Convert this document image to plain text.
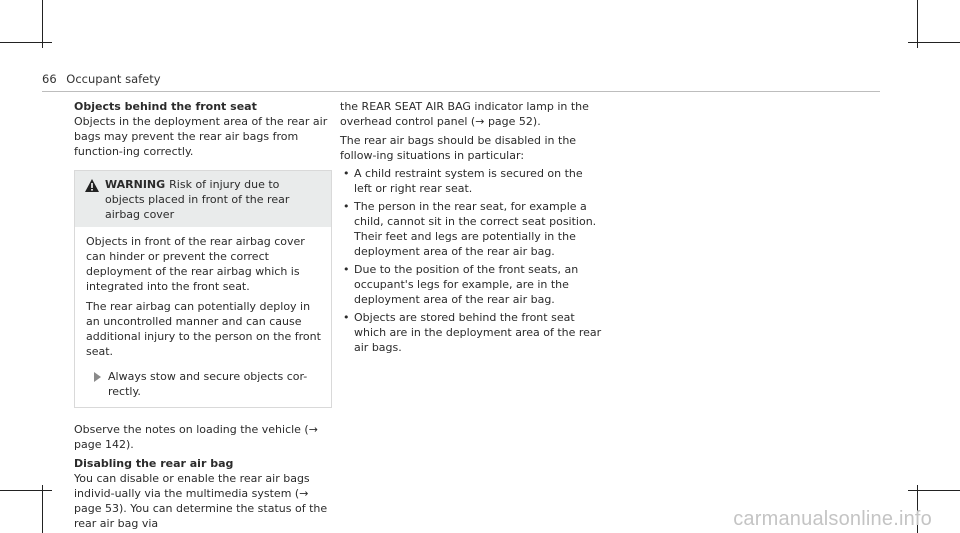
66 Occupant safety

Objects behind the front seat

Objects in the deployment area of the rear air bags may prevent the rear air bags from function-ing correctly.

WARNING Risk of injury due to objects placed in front of the rear airbag cover

Objects in front of the rear airbag cover can hinder or prevent the correct deployment of the rear airbag which is integrated into the front seat.

The rear airbag can potentially deploy in an uncontrolled manner and can cause additional injury to the person on the front seat.

Always stow and secure objects cor-rectly.

Observe the notes on loading the vehicle (→ page 142).

Disabling the rear air bag

You can disable or enable the rear air bags individ-ually via the multimedia system (→ page 53). You can determine the status of the rear air bag via

the REAR SEAT AIR BAG indicator lamp in the overhead control panel (→ page 52).

The rear air bags should be disabled in the follow-ing situations in particular:

• A child restraint system is secured on the left or right rear seat.
• The person in the rear seat, for example a child, cannot sit in the correct seat position. Their feet and legs are potentially in the deployment area of the rear air bag.
• Due to the position of the front seats, an occupant's legs for example, are in the deployment area of the rear air bag.
• Objects are stored behind the front seat which are in the deployment area of the rear air bags.
carmanualsonline.info
